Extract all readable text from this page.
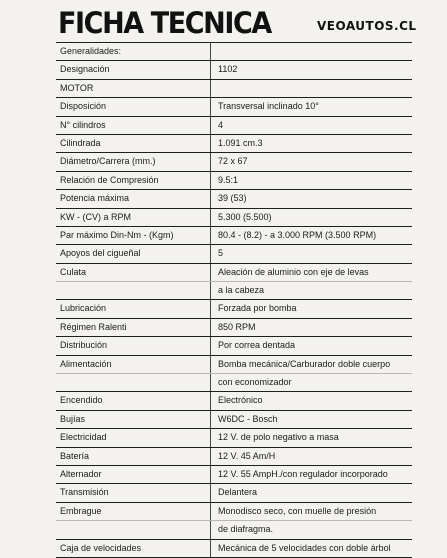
FICHA TECNICA	VEOAUTOS.CL
Generalidades:
Designación	1102
MOTOR
Disposición	Transversal inclinado 10°
N° cilindros	4
Cilindrada	1.091 cm.3
Diámetro/Carrera (mm.)	72 x 67
Relación de Compresión	9.5:1
Potencia máxima	39 (53)
KW - (CV) a RPM	5.300 (5.500)
Par máximo Din-Nm - (Kgm)	80.4 - (8.2) - a 3.000 RPM (3.500 RPM)
Apoyos del cigueñal	5
Culata	Aleación de aluminio con eje de levas
a la cabeza
Lubricación	Forzada por bomba
Régimen Ralenti	850 RPM
Distribución	Por correa dentada
Alimentación	Bomba mecánica/Carburador doble cuerpo
con economizador
Encendido	Electrónico
Bujías	W6DC - Bosch
Electricidad	12 V. de polo negativo a masa
Batería	12 V. 45 Am/H
Alternador	12 V. 55 AmpH./con regulador incorporado
Transmisión	Delantera
Embrague	Monodisco seco, con muelle de presión
de diafragma.
Caja de velocidades	Mecánica de 5 velocidades con doble árbol
